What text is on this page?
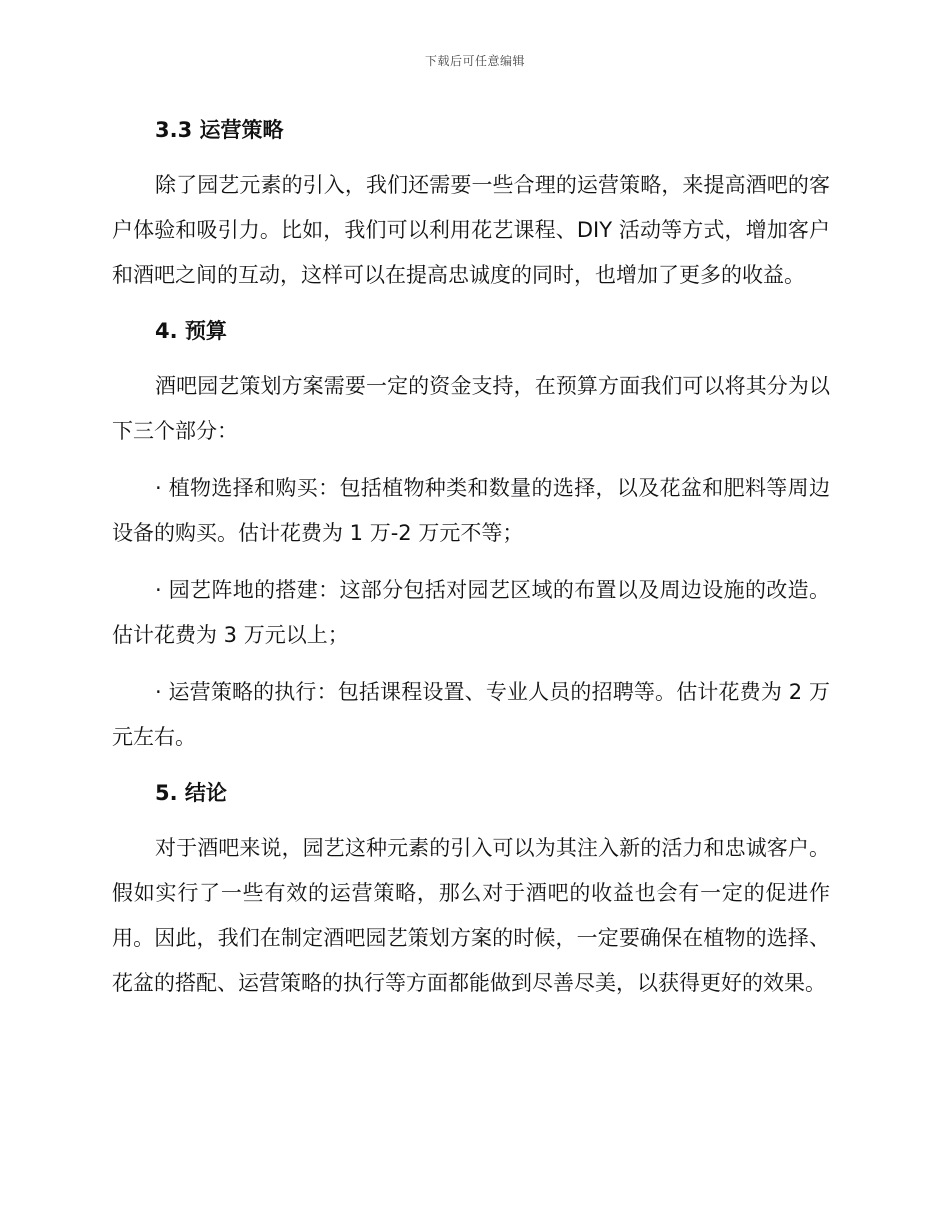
下载后可任意编辑
3.3 运营策略

除了园艺元素的引入，我们还需要一些合理的运营策略，来提高酒吧的客户体验和吸引力。比如，我们可以利用花艺课程、DIY 活动等方式，增加客户和酒吧之间的互动，这样可以在提高忠诚度的同时，也增加了更多的收益。

4. 预算

酒吧园艺策划方案需要一定的资金支持，在预算方面我们可以将其分为以下三个部分：

· 植物选择和购买：包括植物种类和数量的选择，以及花盆和肥料等周边设备的购买。估计花费为 1 万-2 万元不等；

· 园艺阵地的搭建：这部分包括对园艺区域的布置以及周边设施的改造。估计花费为 3 万元以上；

· 运营策略的执行：包括课程设置、专业人员的招聘等。估计花费为 2 万元左右。

5. 结论

对于酒吧来说，园艺这种元素的引入可以为其注入新的活力和忠诚客户。假如实行了一些有效的运营策略，那么对于酒吧的收益也会有一定的促进作用。因此，我们在制定酒吧园艺策划方案的时候，一定要确保在植物的选择、花盆的搭配、运营策略的执行等方面都能做到尽善尽美，以获得更好的效果。
